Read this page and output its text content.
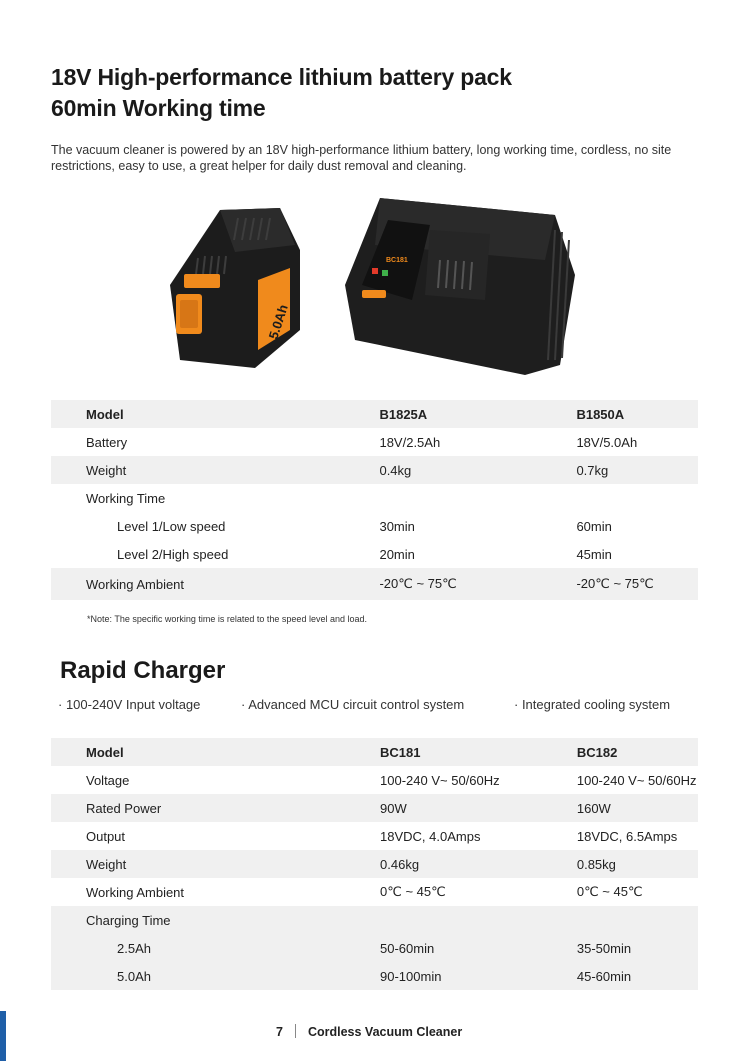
18V High-performance lithium battery pack
60min Working time

The vacuum cleaner is powered by an 18V high-performance lithium battery, long working time, cordless, no site restrictions, easy to use, a great helper for daily dust removal and cleaning.

5.0Ah
BC181
Model	B1825A	B1850A
Battery	18V/2.5Ah	18V/5.0Ah
Weight	0.4kg	0.7kg
Working Time		
Level 1/Low speed	30min	60min
Level 2/High speed	20min	45min
Working Ambient	-20℃ ~ 75℃	-20℃ ~ 75℃

*Note: The specific working time is related to the speed level and load.

Rapid Charger
· 100-240V Input voltage	· Advanced MCU circuit control system	· Integrated cooling system
Model	BC181	BC182
Voltage	100-240 V~ 50/60Hz	100-240 V~ 50/60Hz
Rated Power	90W	160W
Output	18VDC, 4.0Amps	18VDC, 6.5Amps
Weight	0.46kg	0.85kg
Working Ambient	0℃ ~ 45℃	0℃ ~ 45℃
Charging Time		
2.5Ah	50-60min	35-50min
5.0Ah	90-100min	45-60min
7 Cordless Vacuum Cleaner
